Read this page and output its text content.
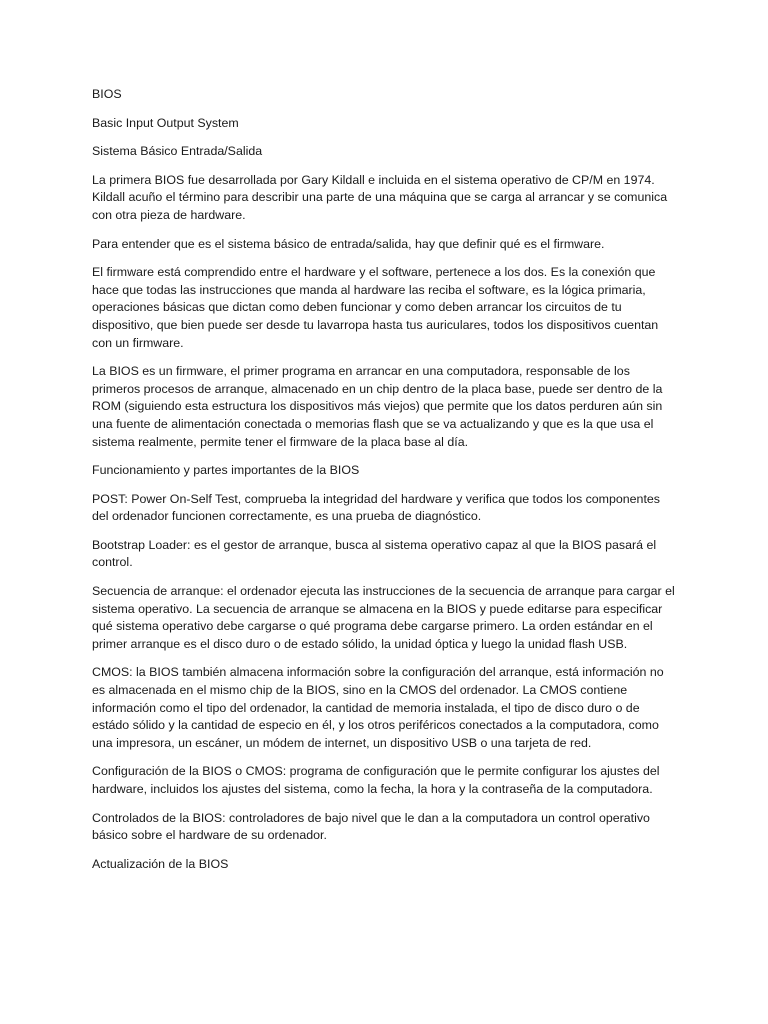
BIOS

Basic Input Output System

Sistema Básico Entrada/Salida

La primera BIOS fue desarrollada por Gary Kildall e incluida en el sistema operativo de CP/M en 1974. Kildall acuño el término para describir una parte de una máquina que se carga al arrancar y se comunica con otra pieza de hardware.

Para entender que es el sistema básico de entrada/salida, hay que definir qué es el firmware.

El firmware está comprendido entre el hardware y el software, pertenece a los dos. Es la conexión que hace que todas las instrucciones que manda al hardware las reciba el software, es la lógica primaria, operaciones básicas que dictan como deben funcionar y como deben arrancar los circuitos de tu dispositivo, que bien puede ser desde tu lavarropa hasta tus auriculares, todos los dispositivos cuentan con un firmware.

La BIOS es un firmware, el primer programa en arrancar en una computadora, responsable de los primeros procesos de arranque, almacenado en un chip dentro de la placa base, puede ser dentro de la ROM (siguiendo esta estructura los dispositivos más viejos) que permite que los datos perduren aún sin una fuente de alimentación conectada o memorias flash que se va actualizando y que es la que usa el sistema realmente, permite tener el firmware de la placa base al día.

Funcionamiento y partes importantes de la BIOS

POST: Power On-Self Test, comprueba la integridad del hardware y verifica que todos los componentes del ordenador funcionen correctamente, es una prueba de diagnóstico.

Bootstrap Loader: es el gestor de arranque, busca al sistema operativo capaz al que la BIOS pasará el control.

Secuencia de arranque: el ordenador ejecuta las instrucciones de la secuencia de arranque para cargar el sistema operativo. La secuencia de arranque se almacena en la BIOS y puede editarse para especificar qué sistema operativo debe cargarse o qué programa debe cargarse primero. La orden estándar en el primer arranque es el disco duro o de estado sólido, la unidad óptica y luego la unidad flash USB.

CMOS: la BIOS también almacena información sobre la configuración del arranque, está información no es almacenada en el mismo chip de la BIOS, sino en la CMOS del ordenador. La CMOS contiene información como el tipo del ordenador, la cantidad de memoria instalada, el tipo de disco duro o de estádo sólido y la cantidad de especio en él, y los otros periféricos conectados a la computadora, como una impresora, un escáner, un módem de internet, un dispositivo USB o una tarjeta de red.

Configuración de la BIOS o CMOS: programa de configuración que le permite configurar los ajustes del hardware, incluidos los ajustes del sistema, como la fecha, la hora y la contraseña de la computadora.

Controlados de la BIOS: controladores de bajo nivel que le dan a la computadora un control operativo básico sobre el hardware de su ordenador.

Actualización de la BIOS
